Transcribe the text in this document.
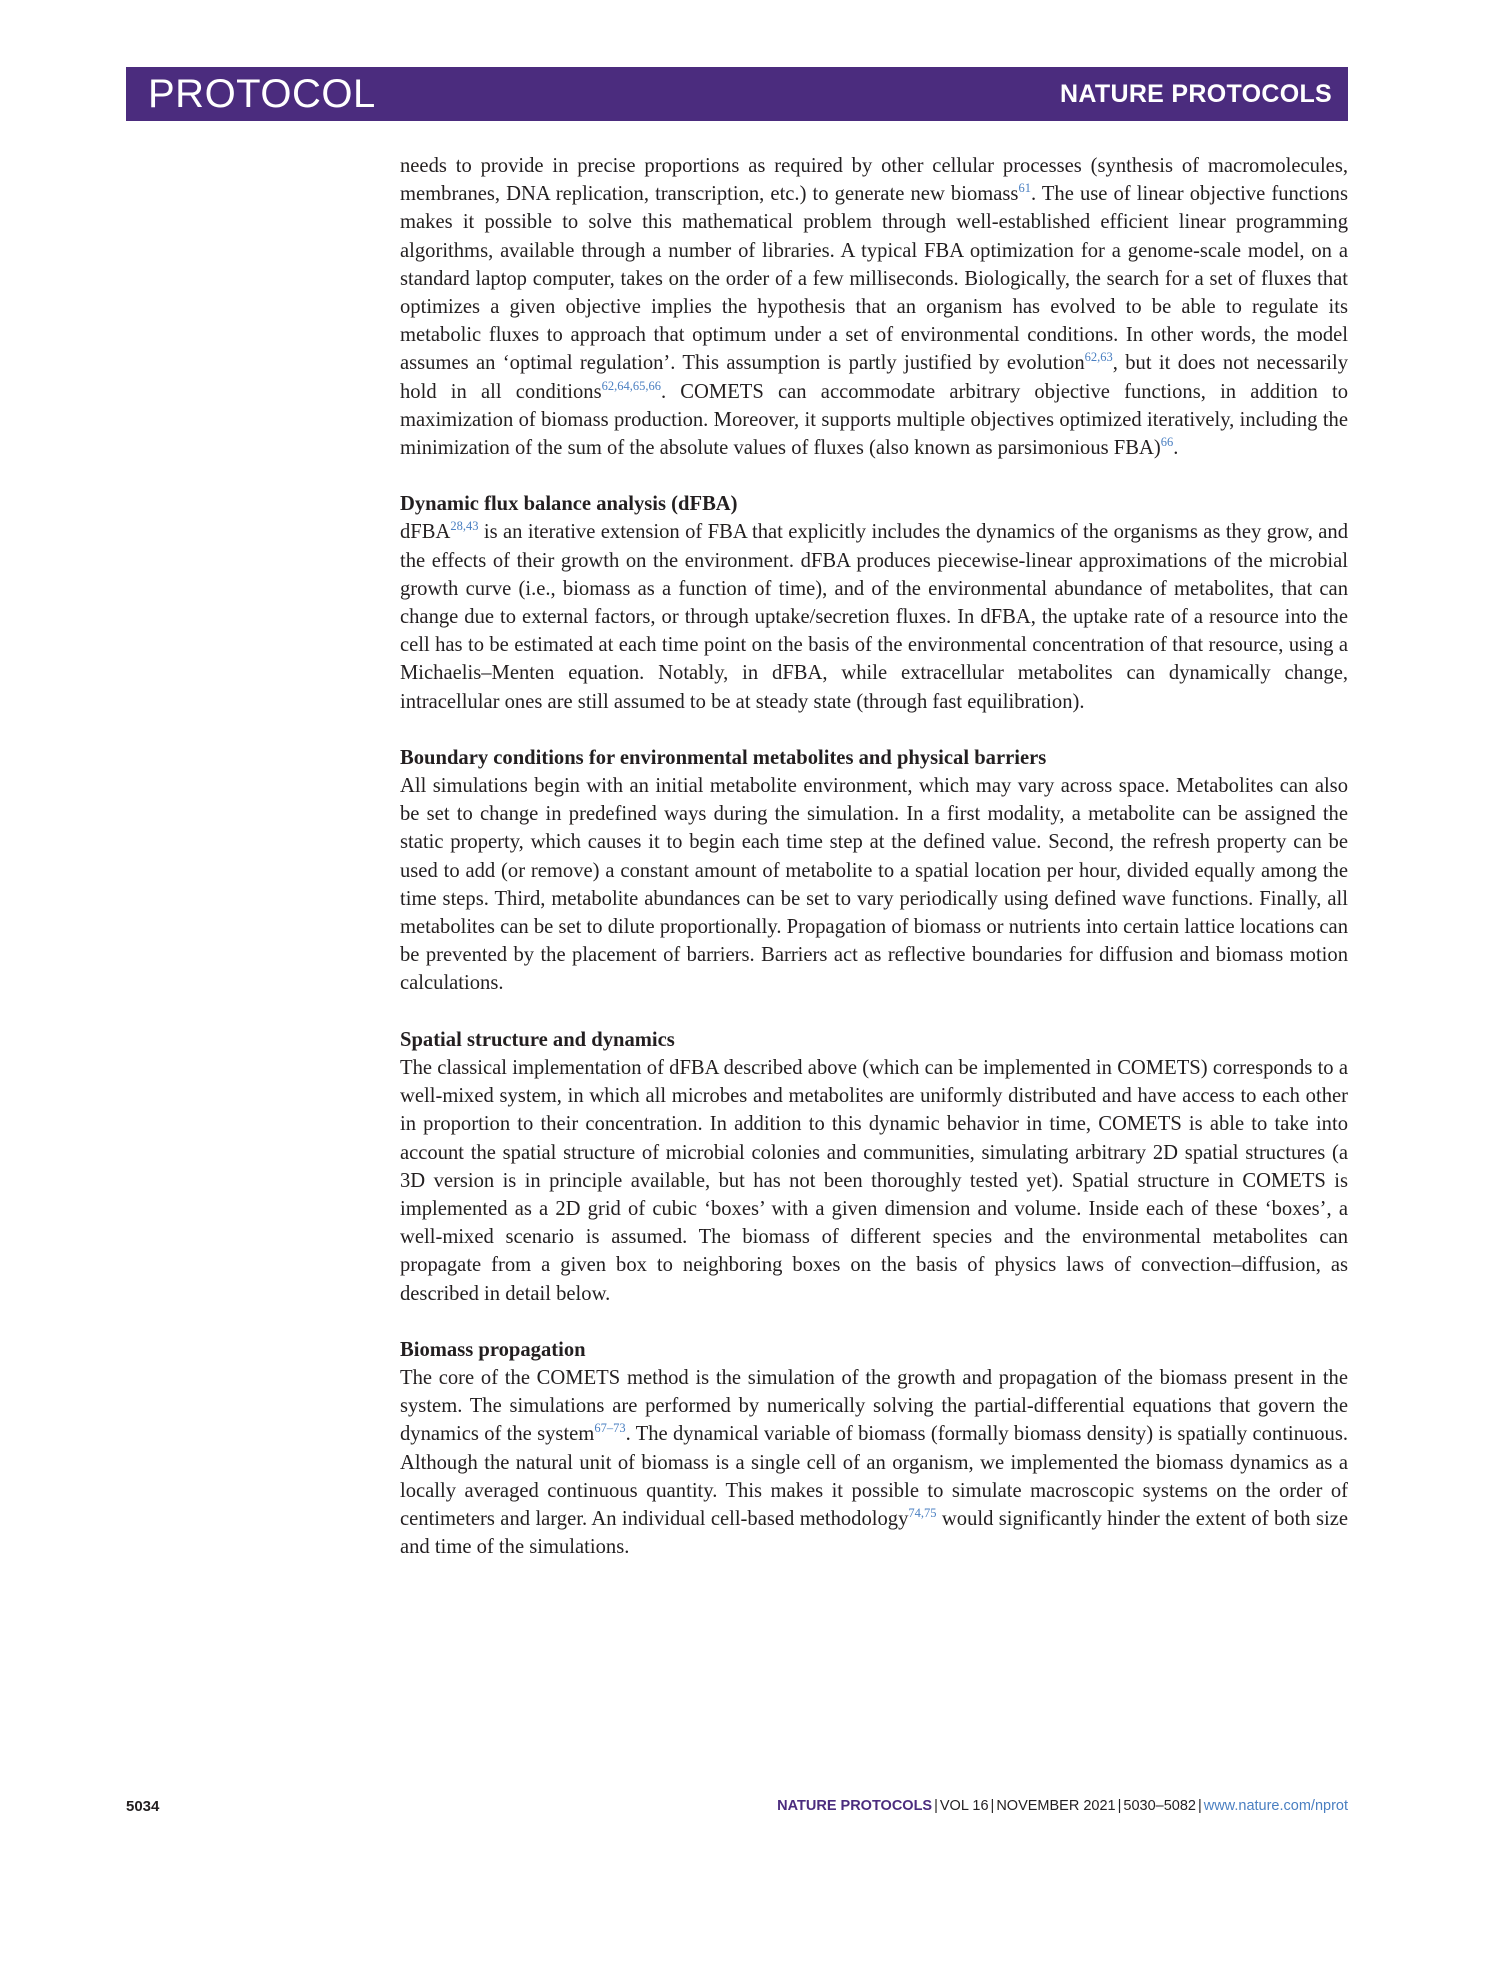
PROTOCOL	NATURE PROTOCOLS

needs to provide in precise proportions as required by other cellular processes (synthesis of macromolecules, membranes, DNA replication, transcription, etc.) to generate new biomass$^{61}$. The use of linear objective functions makes it possible to solve this mathematical problem through well-established efficient linear programming algorithms, available through a number of libraries. A typical FBA optimization for a genome-scale model, on a standard laptop computer, takes on the order of a few milliseconds. Biologically, the search for a set of fluxes that optimizes a given objective implies the hypothesis that an organism has evolved to be able to regulate its metabolic fluxes to approach that optimum under a set of environmental conditions. In other words, the model assumes an ‘optimal regulation’. This assumption is partly justified by evolution$^{62,63}$, but it does not necessarily hold in all conditions$^{62,64,65,66}$. COMETS can accommodate arbitrary objective functions, in addition to maximization of biomass production. Moreover, it supports multiple objectives optimized iteratively, including the minimization of the sum of the absolute values of fluxes (also known as parsimonious FBA)$^{66}$.

Dynamic flux balance analysis (dFBA)

dFBA$^{28,43}$ is an iterative extension of FBA that explicitly includes the dynamics of the organisms as they grow, and the effects of their growth on the environment. dFBA produces piecewise-linear approximations of the microbial growth curve (i.e., biomass as a function of time), and of the environmental abundance of metabolites, that can change due to external factors, or through uptake/secretion fluxes. In dFBA, the uptake rate of a resource into the cell has to be estimated at each time point on the basis of the environmental concentration of that resource, using a Michaelis–Menten equation. Notably, in dFBA, while extracellular metabolites can dynamically change, intracellular ones are still assumed to be at steady state (through fast equilibration).

Boundary conditions for environmental metabolites and physical barriers

All simulations begin with an initial metabolite environment, which may vary across space. Metabolites can also be set to change in predefined ways during the simulation. In a first modality, a metabolite can be assigned the static property, which causes it to begin each time step at the defined value. Second, the refresh property can be used to add (or remove) a constant amount of metabolite to a spatial location per hour, divided equally among the time steps. Third, metabolite abundances can be set to vary periodically using defined wave functions. Finally, all metabolites can be set to dilute proportionally. Propagation of biomass or nutrients into certain lattice locations can be prevented by the placement of barriers. Barriers act as reflective boundaries for diffusion and biomass motion calculations.

Spatial structure and dynamics

The classical implementation of dFBA described above (which can be implemented in COMETS) corresponds to a well-mixed system, in which all microbes and metabolites are uniformly distributed and have access to each other in proportion to their concentration. In addition to this dynamic behavior in time, COMETS is able to take into account the spatial structure of microbial colonies and communities, simulating arbitrary 2D spatial structures (a 3D version is in principle available, but has not been thoroughly tested yet). Spatial structure in COMETS is implemented as a 2D grid of cubic ‘boxes’ with a given dimension and volume. Inside each of these ‘boxes’, a well-mixed scenario is assumed. The biomass of different species and the environmental metabolites can propagate from a given box to neighboring boxes on the basis of physics laws of convection–diffusion, as described in detail below.

Biomass propagation

The core of the COMETS method is the simulation of the growth and propagation of the biomass present in the system. The simulations are performed by numerically solving the partial-differential equations that govern the dynamics of the system$^{67-73}$. The dynamical variable of biomass (formally biomass density) is spatially continuous. Although the natural unit of biomass is a single cell of an organism, we implemented the biomass dynamics as a locally averaged continuous quantity. This makes it possible to simulate macroscopic systems on the order of centimeters and larger. An individual cell-based methodology$^{74,75}$ would significantly hinder the extent of both size and time of the simulations.

5034	NATURE PROTOCOLS | VOL 16 | NOVEMBER 2021 | 5030–5082 | www.nature.com/nprot
